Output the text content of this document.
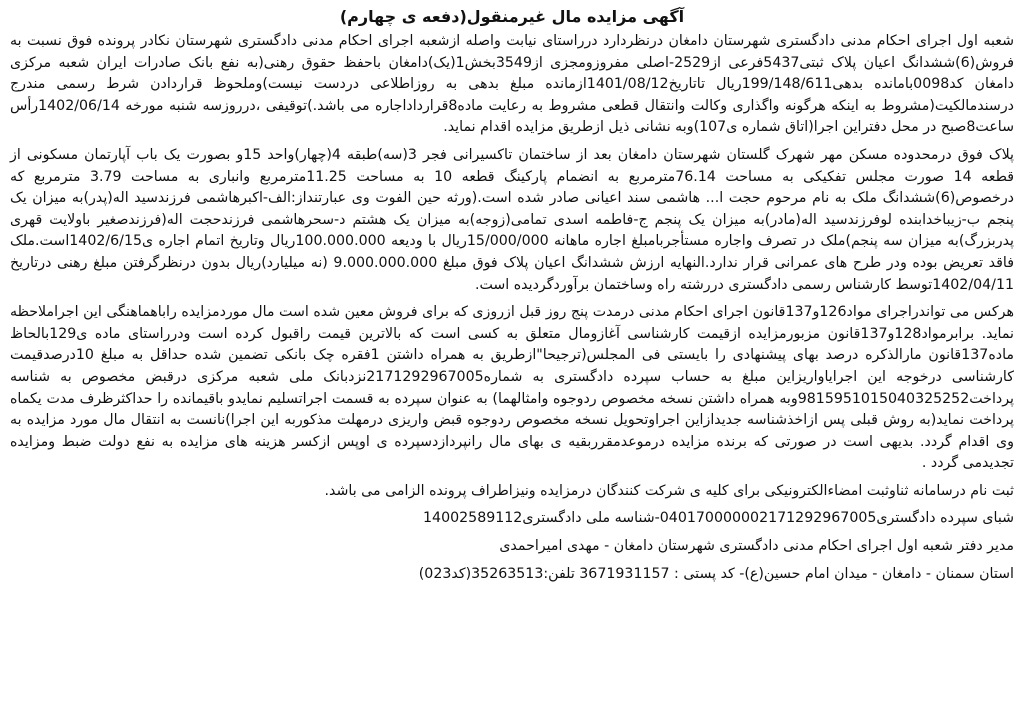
آگهی مزایده مال غیرمنقول(دفعه ی چهارم)

شعبه اول اجرای احکام مدنی دادگستری شهرستان دامغان درنظردارد درراستای نیابت واصله ازشعبه اجرای احکام مدنی دادگستری شهرستان نکادر پرونده فوق نسبت به فروش(6)ششدانگ اعیان پلاک ثبتی5437فرعی از2529-اصلی مفروزومجزی از3549بخش1(یک)دامغان باحفظ حقوق رهنی(به نفع بانک صادرات ایران شعبه مرکزی دامغان کد0098بامانده بدهی199/148/611ریال تاتاریخ1401/08/12ازمانده مبلغ بدهی به روزاطلاعی دردست نیست)وملحوظ قراردادن شرط رسمی مندرج درسندمالکیت(مشروط به اینکه هرگونه واگذاری وکالت وانتقال قطعی مشروط به رعایت ماده8قرارداداجاره می باشد.)توقیفی ،درروزسه شنبه مورخه 1402/06/14رأس ساعت8صبح در محل دفتراین اجرا(اتاق شماره ی107)وبه نشانی ذیل ازطریق مزایده اقدام نماید.

پلاک فوق درمحدوده مسکن مهر شهرک گلستان شهرستان دامغان بعد از ساختمان تاکسیرانی فجر 3(سه)طبقه 4(چهار)واحد 15و بصورت یک باب آپارتمان مسکونی از قطعه 14 صورت مجلس تفکیکی به مساحت 76.14مترمربع به انضمام پارکینگ قطعه 10 به مساحت 11.25مترمربع وانباری به مساحت 3.79 مترمربع که درخصوص(6)ششدانگ ملک به نام مرحوم حجت ا... هاشمی سند اعیانی صادر شده است.(ورثه حین الفوت وی عبارتنداز:الف-اکبرهاشمی فرزندسید اله(پدر)به میزان یک پنجم ب-زیباخدابنده لوفرزندسید اله(مادر)به میزان یک پنجم ج-فاطمه اسدی تمامی(زوجه)به میزان یک هشتم د-سحرهاشمی فرزندحجت اله(فرزندصغیر باولایت قهری پدربزرگ)به میزان سه پنجم)ملک در تصرف واجاره مستأجربامبلغ اجاره ماهانه 15/000/000ریال با ودیعه 100.000.000ریال وتاریخ اتمام اجاره ی1402/6/15است.ملک فاقد تعریض بوده ودر طرح های عمرانی قرار ندارد.النهایه ارزش ششدانگ اعیان پلاک فوق مبلغ 9.000.000.000 (نه میلیارد)ریال بدون درنظرگرفتن مبلغ رهنی درتاریخ 1402/04/11توسط کارشناس رسمی دادگستری دررشته راه وساختمان برآوردگردیده است.

هرکس می تواندراجرای مواد126و137قانون اجرای احکام مدنی درمدت پنج روز قبل ازروزی که برای فروش معین شده است مال موردمزایده راباهماهنگی این اجراملاحظه نماید. برابرمواد128و137قانون مزبورمزایده ازقیمت کارشناسی آغازومال متعلق به کسی است که بالاترین قیمت راقبول کرده است ودرراستای ماده ی129بالحاظ ماده137قانون مارالذکره درصد بهای پیشنهادی را بایستی فی المجلس(ترجیحا"ازطریق به همراه داشتن 1فقره چک بانکی تضمین شده حداقل به مبلغ 10درصدقیمت کارشناسی درخوجه این اجرایاواریزاین مبلغ به حساب سپرده دادگستری به شماره2171292967005نزدبانک ملی شعبه مرکزی درقبض مخصوص به شناسه پرداخت9815951015040325252وبه همراه داشتن نسخه مخصوص ردوجوه وامثالهما) به عنوان سپرده به قسمت اجراتسلیم نمایدو باقیمانده را حداکثرظرف مدت یکماه پرداخت نماید(به روش قبلی پس ازاخذشناسه جدیدازاین اجراوتحویل نسخه مخصوص ردوجوه قبض واریزی درمهلت مذکوربه این اجرا)نانست به انتقال مال مورد مزایده به وی اقدام گردد. بدیهی است در صورتی که برنده مزایده درموعدمقرربقیه ی بهای مال رانپردازدسپرده ی اوپس ازکسر هزینه های مزایده به نفع دولت ضبط ومزایده تجدیدمی گردد .

ثبت نام درسامانه ثناوثبت امضاءالکترونیکی برای کلیه ی شرکت کنندگان درمزایده ونیزاطراف پرونده الزامی می باشد.
شبای سپرده دادگستری040170000002171292967005-شناسه ملی دادگستری14002589112
مدیر دفتر شعبه اول اجرای احکام مدنی دادگستری شهرستان دامغان - مهدی امیراحمدی
استان سمنان - دامغان - میدان امام حسین(ع)- کد پستی : 3671931157 تلفن:35263513(کد023)
